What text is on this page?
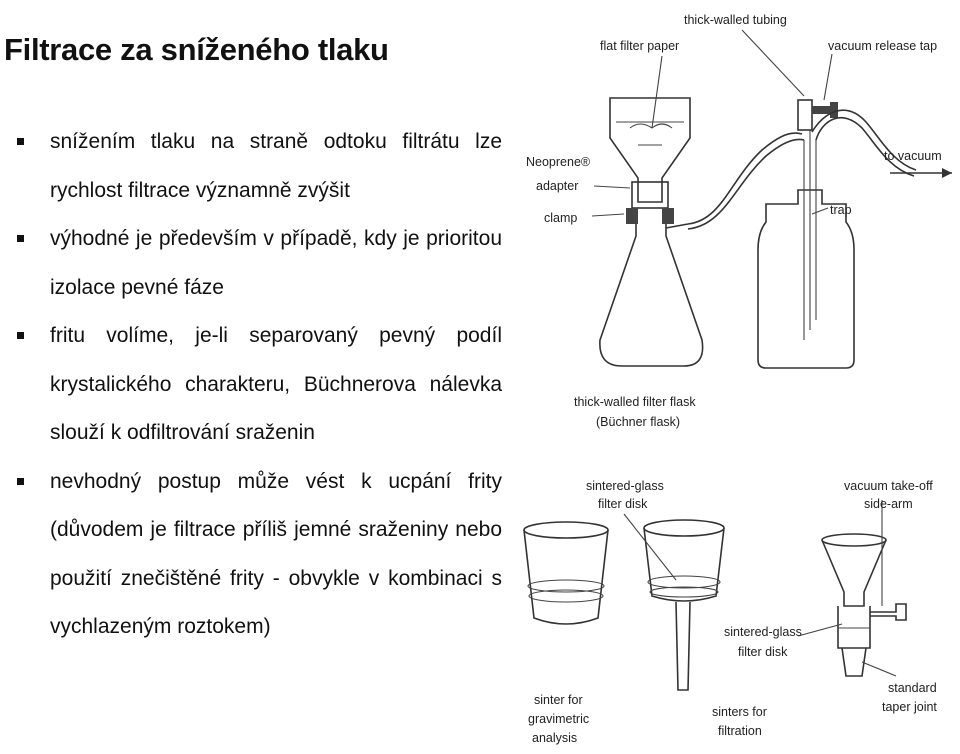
Filtrace za sníženého tlaku
snížením tlaku na straně odtoku filtrátu lze rychlost filtrace významně zvýšit
výhodné je především v případě, kdy je prioritou izolace pevné fáze
fritu volíme, je-li separovaný pevný podíl krystalického charakteru, Büchnerova nálevka slouží k odfiltrování sraženin
nevhodný postup může vést k ucpání frity (důvodem je filtrace příliš jemné sraženiny nebo použití znečištěné frity - obvykle v kombinaci s vychlazeným roztokem)
thick-walled tubing
flat filter paper	vacuum release tap
Neoprene®
adapter
clamp
to vacuum
trap
thick-walled filter flask
(Büchner flask)
sintered-glass
filter disk
vacuum take-off
side-arm
sintered-glass
filter disk
standard
taper joint
sinter for
gravimetric
analysis
sinters for
filtration
